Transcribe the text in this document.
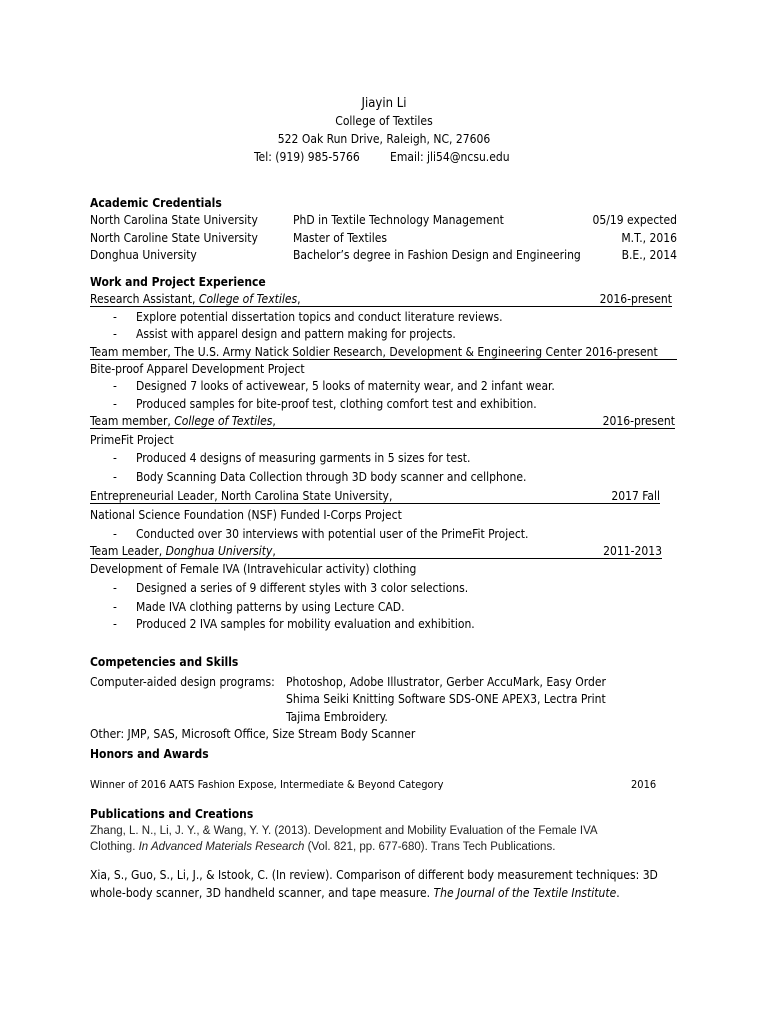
Jiayin Li
College of Textiles
522 Oak Run Drive, Raleigh, NC, 27606
Tel: (919) 985-5766	Email: jli54@ncsu.edu
Academic Credentials
North Carolina State University	PhD in Textile Technology Management	05/19 expected
North Caroline State University	Master of Textiles	M.T., 2016
Donghua University	Bachelor’s degree in Fashion Design and Engineering	B.E., 2014
Work and Project Experience
Research Assistant, College of Textiles,	2016-present
- Explore potential dissertation topics and conduct literature reviews.
- Assist with apparel design and pattern making for projects.
Team member, The U.S. Army Natick Soldier Research, Development & Engineering Center 2016-present
Bite-proof Apparel Development Project
- Designed 7 looks of activewear, 5 looks of maternity wear, and 2 infant wear.
- Produced samples for bite-proof test, clothing comfort test and exhibition.
Team member, College of Textiles,	2016-present
PrimeFit Project
- Produced 4 designs of measuring garments in 5 sizes for test.
- Body Scanning Data Collection through 3D body scanner and cellphone.
Entrepreneurial Leader, North Carolina State University,	2017 Fall
National Science Foundation (NSF) Funded I-Corps Project
- Conducted over 30 interviews with potential user of the PrimeFit Project.
Team Leader, Donghua University,	2011-2013
Development of Female IVA (Intravehicular activity) clothing
- Designed a series of 9 different styles with 3 color selections.
- Made IVA clothing patterns by using Lecture CAD.
- Produced 2 IVA samples for mobility evaluation and exhibition.
Competencies and Skills
Computer-aided design programs: Photoshop, Adobe Illustrator, Gerber AccuMark, Easy Order
Shima Seiki Knitting Software SDS-ONE APEX3, Lectra Print
Tajima Embroidery.
Other: JMP, SAS, Microsoft Office, Size Stream Body Scanner
Honors and Awards
Winner of 2016 AATS Fashion Expose, Intermediate & Beyond Category	2016
Publications and Creations
Zhang, L. N., Li, J. Y., & Wang, Y. Y. (2013). Development and Mobility Evaluation of the Female IVA
Clothing. In Advanced Materials Research (Vol. 821, pp. 677-680). Trans Tech Publications.
Xia, S., Guo, S., Li, J., & Istook, C. (In review). Comparison of different body measurement techniques: 3D
whole-body scanner, 3D handheld scanner, and tape measure. The Journal of the Textile Institute.
